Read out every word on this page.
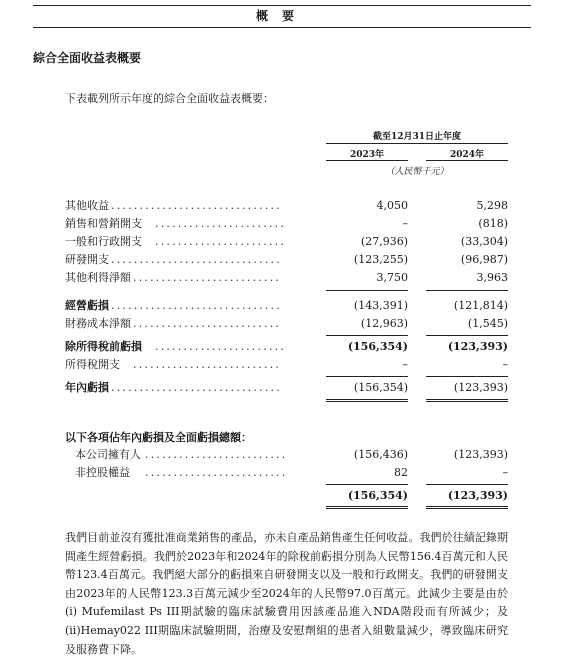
概要
綜合全面收益表概要
下表載列所示年度的綜合全面收益表概要：
截至12月31日止年度
2023年	2024年
（人民幣千元）
其他收益 ..............................	4,050	5,298
銷售和營銷開支 .......................	–	(818)
一般和行政開支 .......................	(27,936)	(33,304)
研發開支 ..............................	(123,255)	(96,987)
其他利得淨額 ..........................	3,750	3,963
經營虧損 ..............................	(143,391)	(121,814)
財務成本淨額 ..........................	(12,963)	(1,545)
除所得稅前虧損 .......................	(156,354)	(123,393)
所得稅開支 ..........................	–	–
年內虧損 ..............................	(156,354)	(123,393)
以下各項佔年內虧損及全面虧損總額：
本公司擁有人 .........................	(156,436)	(123,393)
非控股權益 .........................	82	–
(156,354)	(123,393)
我們目前並沒有獲批准商業銷售的產品，亦未自產品銷售產生任何收益。我們於往績記錄期間產生經營虧損。我們於2023年和2024年的除稅前虧損分別為人民幣156.4百萬元和人民幣123.4百萬元。我們絕大部分的虧損來自研發開支以及一般和行政開支。我們的研發開支由2023年的人民幣123.3百萬元減少至2024年的人民幣97.0百萬元。此減少主要是由於(i) Mufemilast Ps III期試驗的臨床試驗費用因該產品進入NDA階段而有所減少；及(ii)Hemay022 III期臨床試驗期間，治療及安慰劑組的患者入組數量減少，導致臨床研究及服務費下降。
